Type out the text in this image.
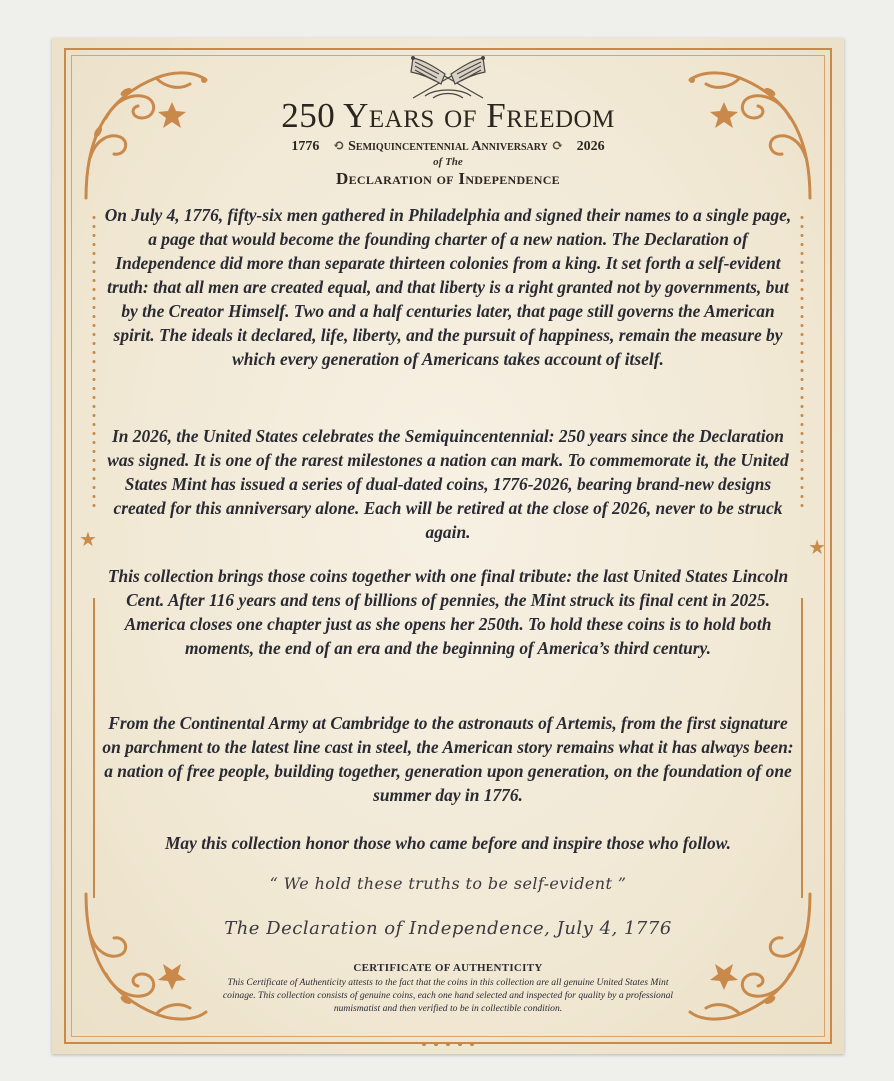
★	★
250 Years of Freedom
1776 ⟲ Semiquincentennial Anniversary ⟳ 2026
of The
Declaration of Independence
On July 4, 1776, fifty-six men gathered in Philadelphia and signed their names to a single page, a page that would become the founding charter of a new nation. The Declaration of Independence did more than separate thirteen colonies from a king. It set forth a self-evident truth: that all men are created equal, and that liberty is a right granted not by governments, but by the Creator Himself. Two and a half centuries later, that page still governs the American spirit. The ideals it declared, life, liberty, and the pursuit of happiness, remain the measure by which every generation of Americans takes account of itself.
In 2026, the United States celebrates the Semiquincentennial: 250 years since the Declaration was signed. It is one of the rarest milestones a nation can mark. To commemorate it, the United States Mint has issued a series of dual-dated coins, 1776-2026, bearing brand-new designs created for this anniversary alone. Each will be retired at the close of 2026, never to be struck again.
This collection brings those coins together with one final tribute: the last United States Lincoln Cent. After 116 years and tens of billions of pennies, the Mint struck its final cent in 2025. America closes one chapter just as she opens her 250th. To hold these coins is to hold both moments, the end of an era and the beginning of America’s third century.
From the Continental Army at Cambridge to the astronauts of Artemis, from the first signature on parchment to the latest line cast in steel, the American story remains what it has always been: a nation of free people, building together, generation upon generation, on the foundation of one summer day in 1776.
May this collection honor those who came before and inspire those who follow.
“ We hold these truths to be self-evident ”
The Declaration of Independence, July 4, 1776
CERTIFICATE OF AUTHENTICITY
This Certificate of Authenticity attests to the fact that the coins in this collection are all genuine United States Mint coinage. This collection consists of genuine coins, each one hand selected and inspected for quality by a professional numismatist and then verified to be in collectible condition.
